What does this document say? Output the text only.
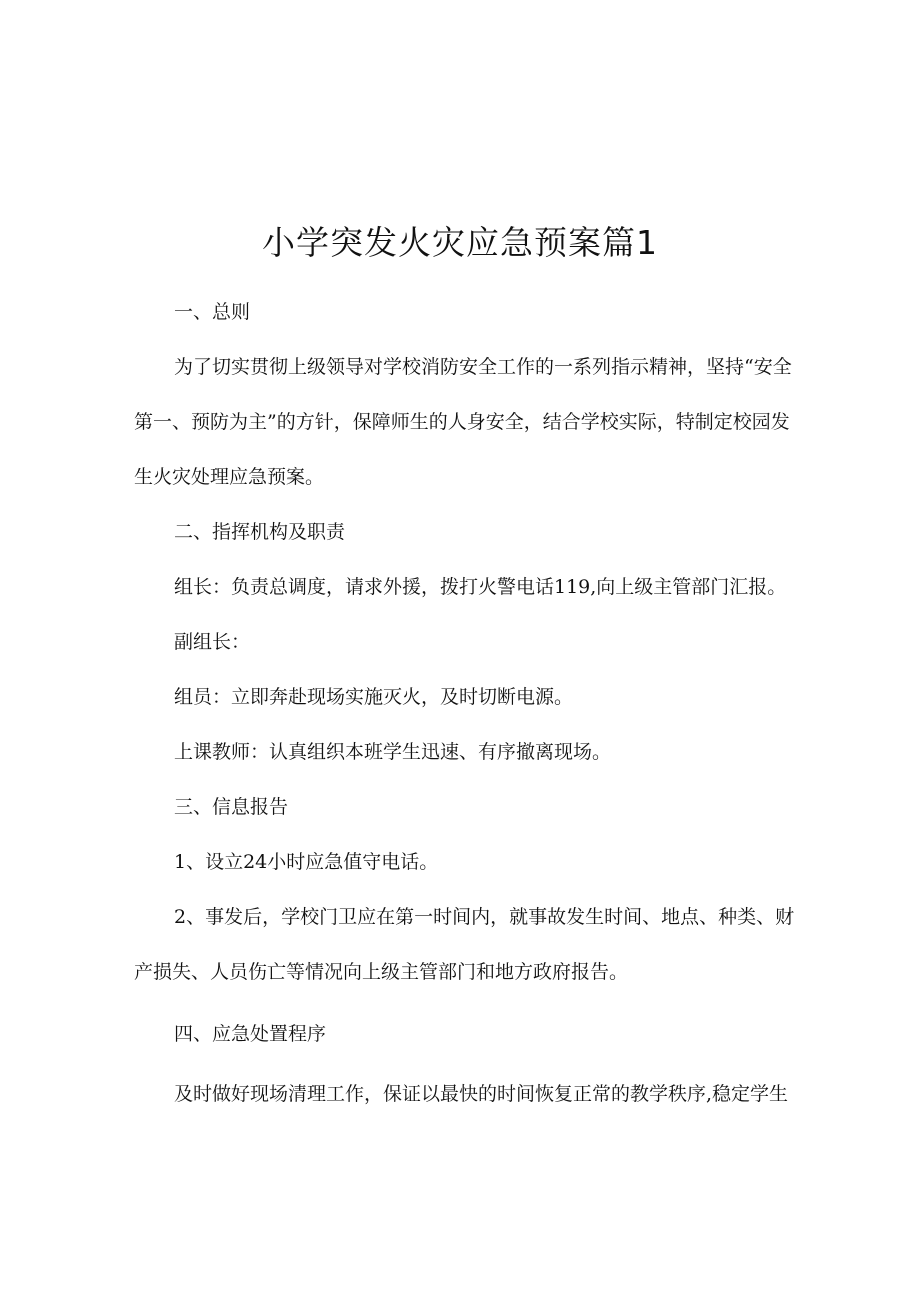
小学突发火灾应急预案篇1

一、总则

为了切实贯彻上级领导对学校消防安全工作的一系列指示精神，坚持“安全

第一、预防为主”的方针，保障师生的人身安全，结合学校实际，特制定校园发

生火灾处理应急预案。

二、指挥机构及职责

组长：负责总调度，请求外援，拨打火警电话119,向上级主管部门汇报。

副组长：

组员：立即奔赴现场实施灭火，及时切断电源。

上课教师：认真组织本班学生迅速、有序撤离现场。

三、信息报告

1、设立24小时应急值守电话。

2、事发后，学校门卫应在第一时间内，就事故发生时间、地点、种类、财

产损失、人员伤亡等情况向上级主管部门和地方政府报告。

四、应急处置程序

及时做好现场清理工作，保证以最快的时间恢复正常的教学秩序,稳定学生
